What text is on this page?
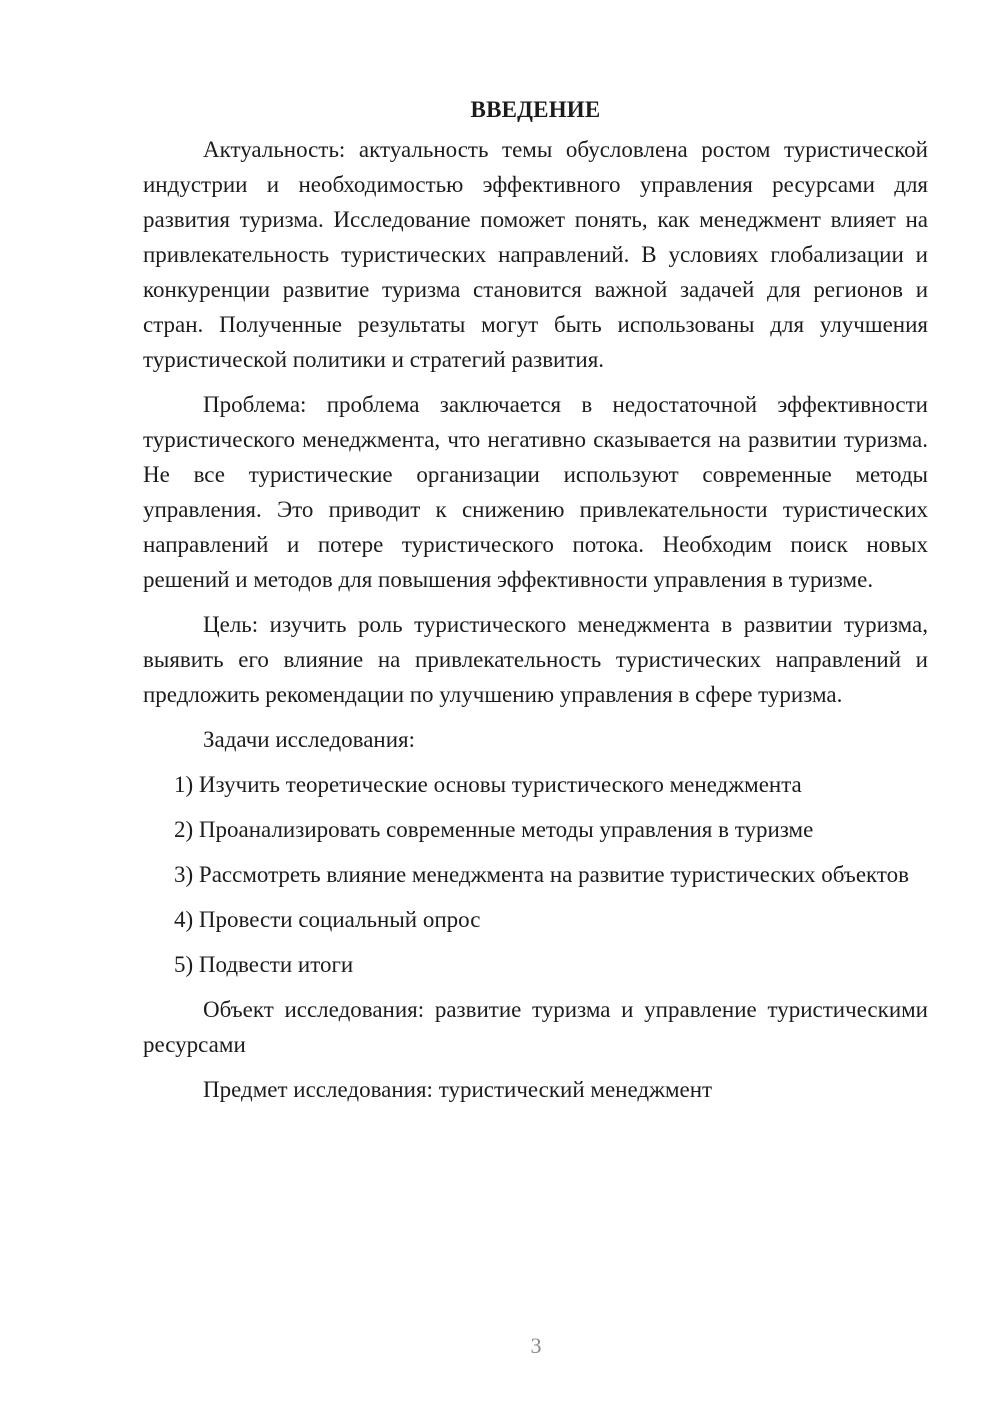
ВВЕДЕНИЕ

Актуальность: актуальность темы обусловлена ростом туристической индустрии и необходимостью эффективного управления ресурсами для развития туризма. Исследование поможет понять, как менеджмент влияет на привлекательность туристических направлений. В условиях глобализации и конкуренции развитие туризма становится важной задачей для регионов и стран. Полученные результаты могут быть использованы для улучшения туристической политики и стратегий развития.

Проблема: проблема заключается в недостаточной эффективности туристического менеджмента, что негативно сказывается на развитии туризма. Не все туристические организации используют современные методы управления. Это приводит к снижению привлекательности туристических направлений и потере туристического потока. Необходим поиск новых решений и методов для повышения эффективности управления в туризме.

Цель: изучить роль туристического менеджмента в развитии туризма, выявить его влияние на привлекательность туристических направлений и предложить рекомендации по улучшению управления в сфере туризма.

Задачи исследования:

1) Изучить теоретические основы туристического менеджмента

2) Проанализировать современные методы управления в туризме

3) Рассмотреть влияние менеджмента на развитие туристических объектов

4) Провести социальный опрос

5) Подвести итоги

Объект исследования: развитие туризма и управление туристическими ресурсами

Предмет исследования: туристический менеджмент

3
